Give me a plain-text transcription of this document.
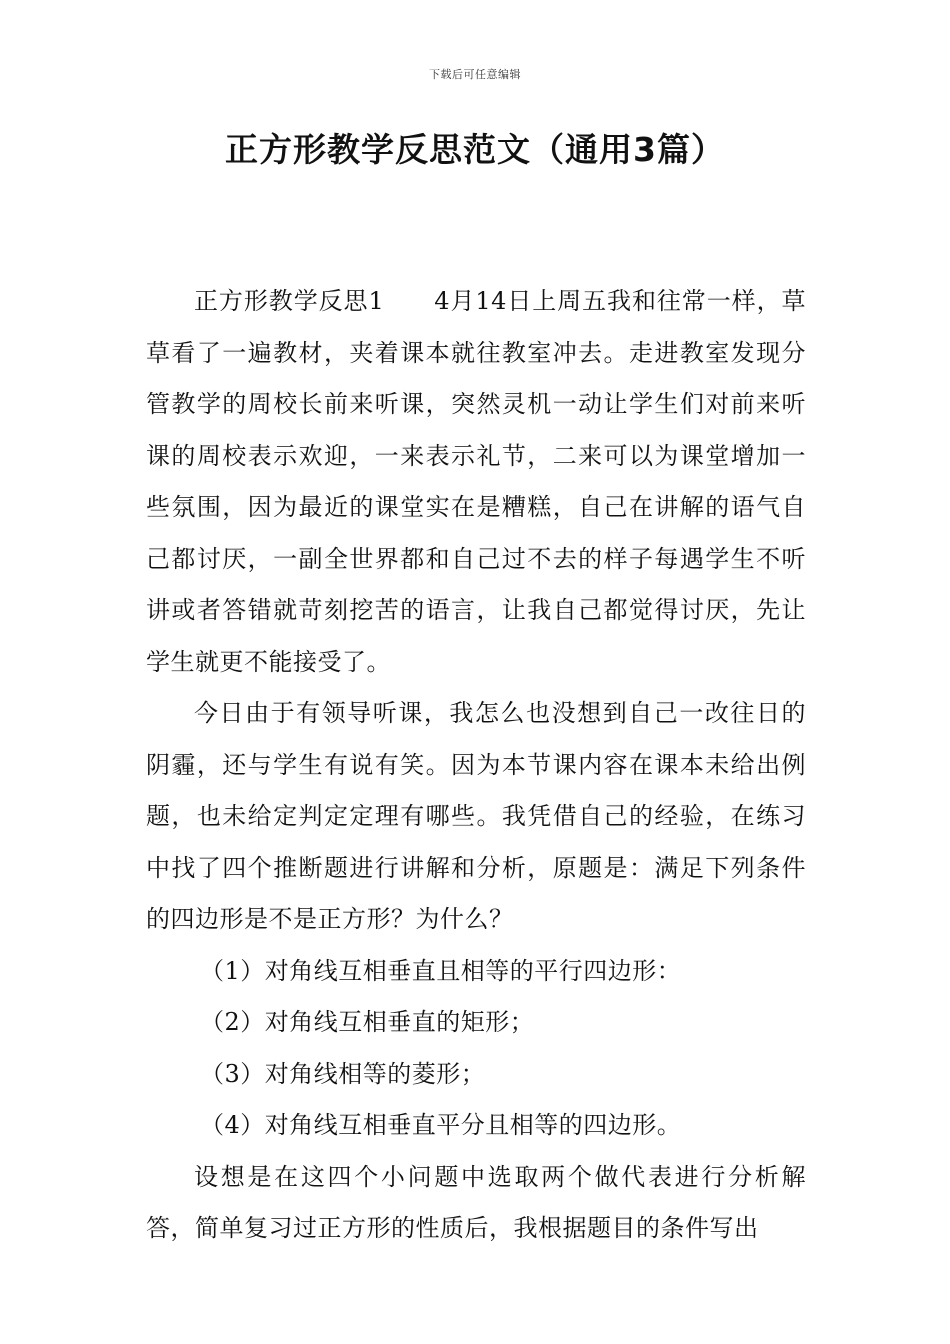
下载后可任意编辑
正方形教学反思范文（通用3篇）

正方形教学反思1 4月14日上周五我和往常一样，草草看了一遍教材，夹着课本就往教室冲去。走进教室发现分管教学的周校长前来听课，突然灵机一动让学生们对前来听课的周校表示欢迎，一来表示礼节，二来可以为课堂增加一些氛围，因为最近的课堂实在是糟糕，自己在讲解的语气自己都讨厌，一副全世界都和自己过不去的样子每遇学生不听讲或者答错就苛刻挖苦的语言，让我自己都觉得讨厌，先让学生就更不能接受了。

今日由于有领导听课，我怎么也没想到自己一改往日的阴霾，还与学生有说有笑。因为本节课内容在课本未给出例题，也未给定判定定理有哪些。我凭借自己的经验，在练习中找了四个推断题进行讲解和分析，原题是：满足下列条件的四边形是不是正方形？为什么？

（1）对角线互相垂直且相等的平行四边形：

（2）对角线互相垂直的矩形；

（3）对角线相等的菱形；

（4）对角线互相垂直平分且相等的四边形。

设想是在这四个小问题中选取两个做代表进行分析解答，简单复习过正方形的性质后，我根据题目的条件写出
